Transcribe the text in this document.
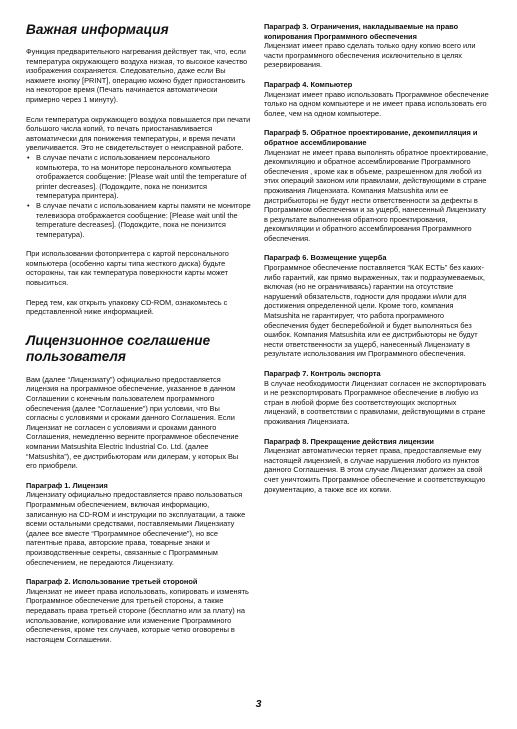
Важная информация

Функция предварительного нагревания действует так, что, если температура окружающего воздуха низкая, то высокое качество изображения сохраняется. Следовательно, даже если Вы нажмете кнопку [PRINT], операцию можно будет приостановить на некоторое время (Печать начинается автоматически примерно через 1 минуту).

Если температура окружающего воздуха повышается при печати большого числа копий, то печать приостанавливается автоматически для понижения температуры, и время печати увеличивается. Это не свидетельствует о неисправной работе.

• В случае печати с использованием персонального компьютера, то на мониторе персонального компьютера отображается сообщение: [Please wait until the temperature of printer decreases]. (Подождите, пока не понизится температура принтера).
• В случае печати с использованием карты памяти не мониторе телевизора отображается сообщение: [Please wait until the temperature decreases]. (Подождите, пока не понизится температура).

При использовании фотопринтера с картой персонального компьютера (особенно карты типа жесткого диска) будьте осторожны, так как температура поверхности карты может повыситься.

Перед тем, как открыть упаковку CD-ROM, ознакомьтесь с представленной ниже информацией.

Лицензионное соглашение пользователя

Вам (далее “Лицензиату”) официально предоставляется лицензия на программное обеспечение, указанное в данном Соглашении с конечным пользователем программного обеспечения (далее “Соглашение”) при условии, что Вы согласны с условиями и сроками данного Соглашения. Если Лицензиат не согласен с условиями и сроками данного Соглашения, немедленно верните программное обеспечение компании Matsushita Electric Industrial Co. Ltd. (далее “Matsushita”), ее дистрибьюторам или дилерам, у которых Вы его приобрели.

Параграф 1. Лицензия

Лицензиату официально предоставляется право пользоваться Программным обеспечением, включая информацию, записанную на CD-ROM и инструкции по эксплуатации, а также всеми остальными средствами, поставляемыми Лицензиату (далее все вместе “Программное обеспечение”), но все патентные права, авторские права, товарные знаки и производственные секреты, связанные с Программным обеспечением, не передаются Лицензиату.

Параграф 2. Использование третьей стороной

Лицензиат не имеет права использовать, копировать и изменять Программное обеспечение для третьей стороны, а также передавать права третьей стороне (бесплатно или за плату) на использование, копирование или изменение Программного обеспечения, кроме тех случаев, которые четко оговорены в настоящем Соглашении.

Параграф 3. Ограничения, накладываемые на право копирования Программного обеспечения

Лицензиат имеет право сделать только одну копию всего или части программного обеспечения исключительно в целях резервирования.

Параграф 4. Компьютер

Лицензиат имеет право использовать Программное обеспечение только на одном компьютере и не имеет права использовать его более, чем на одном компьютере.

Параграф 5. Обратное проектирование, декомпилляция и обратное ассемблирование

Лицензиат не имеет права выполнять обратное проектирование, декомпиляцию и обратное ассемблирование Программного обеспечения , кроме как в объеме, разрешенном для любой из этих операций законом или правилами, действующими в стране проживания Лицензиата. Компания Matsushita или ее дистрибьюторы не будут нести ответственности за дефекты в Программном обеспечении и за ущерб, нанесенный Лицензиату в результате выполнения обратного проектирования, декомпиляции и обратного ассемблирования Программного обеспечения.

Параграф 6. Возмещение ущерба

Программное обеспечение поставляется “КАК ЕСТЬ” без каких-либо гарантий, как прямо выраженных, так и подразумеваемых, включая (но не ограничиваясь) гарантии на отсутствие нарушений обязательств, годности для продажи и/или для достижения определенной цели. Кроме того, компания Matsushita не гарантирует, что работа программного обеспечения будет бесперебойной и будет выполняться без ошибок. Компания Matsushita или ее дистрибьюторы не будут нести ответственности за ущерб, нанесенный Лицензиату в результате использования им Программного обеспечения.

Параграф 7. Контроль экспорта

В случае необходимости Лицензиат согласен не экспортировать и не реэкспортировать Программное обеспечение в любую из стран в любой форме без соответствующих экспортных лицензий, в соответствии с правилами, действующими в стране проживания Лицензиата.

Параграф 8. Прекращение действия лицензии

Лицензиат автоматически теряет права, предоставляемые ему настоящей лицензией, в случае нарушения любого из пунктов данного Соглашения. В этом случае Лицензиат должен за свой счет уничтожить Программное обеспечение и соответствующую документацию, а также все их копии.

3
